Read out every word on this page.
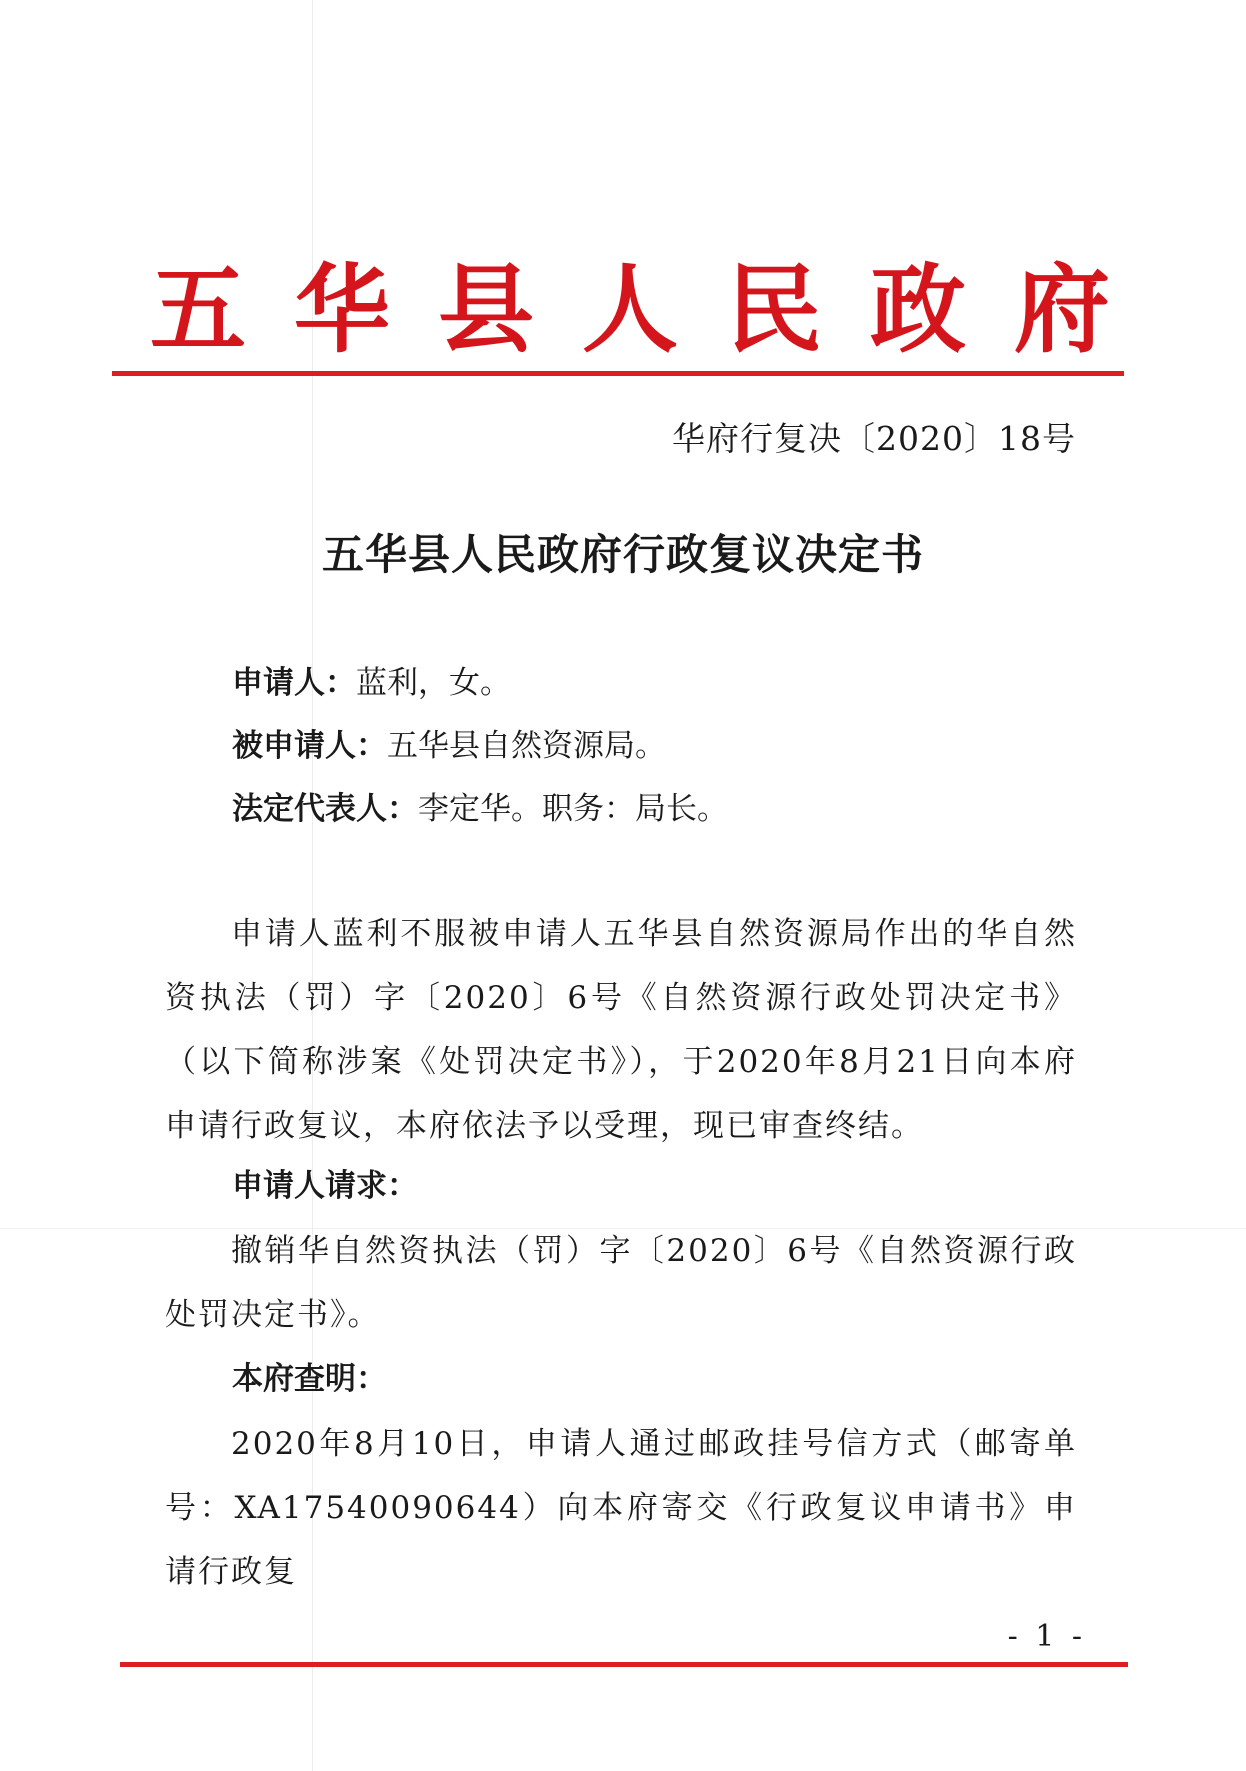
五 华 县 人 民 政 府
华府行复决〔2020〕18号
五华县人民政府行政复议决定书
申请人：蓝利，女。
被申请人：五华县自然资源局。
法定代表人：李定华。职务：局长。
申请人蓝利不服被申请人五华县自然资源局作出的华自然资执法（罚）字〔2020〕6号《自然资源行政处罚决定书》（以下简称涉案《处罚决定书》），于2020年8月21日向本府申请行政复议，本府依法予以受理，现已审查终结。
申请人请求：
撤销华自然资执法（罚）字〔2020〕6号《自然资源行政处罚决定书》。
本府查明：
2020年8月10日，申请人通过邮政挂号信方式（邮寄单号：XA17540090644）向本府寄交《行政复议申请书》申请行政复
- 1 -
